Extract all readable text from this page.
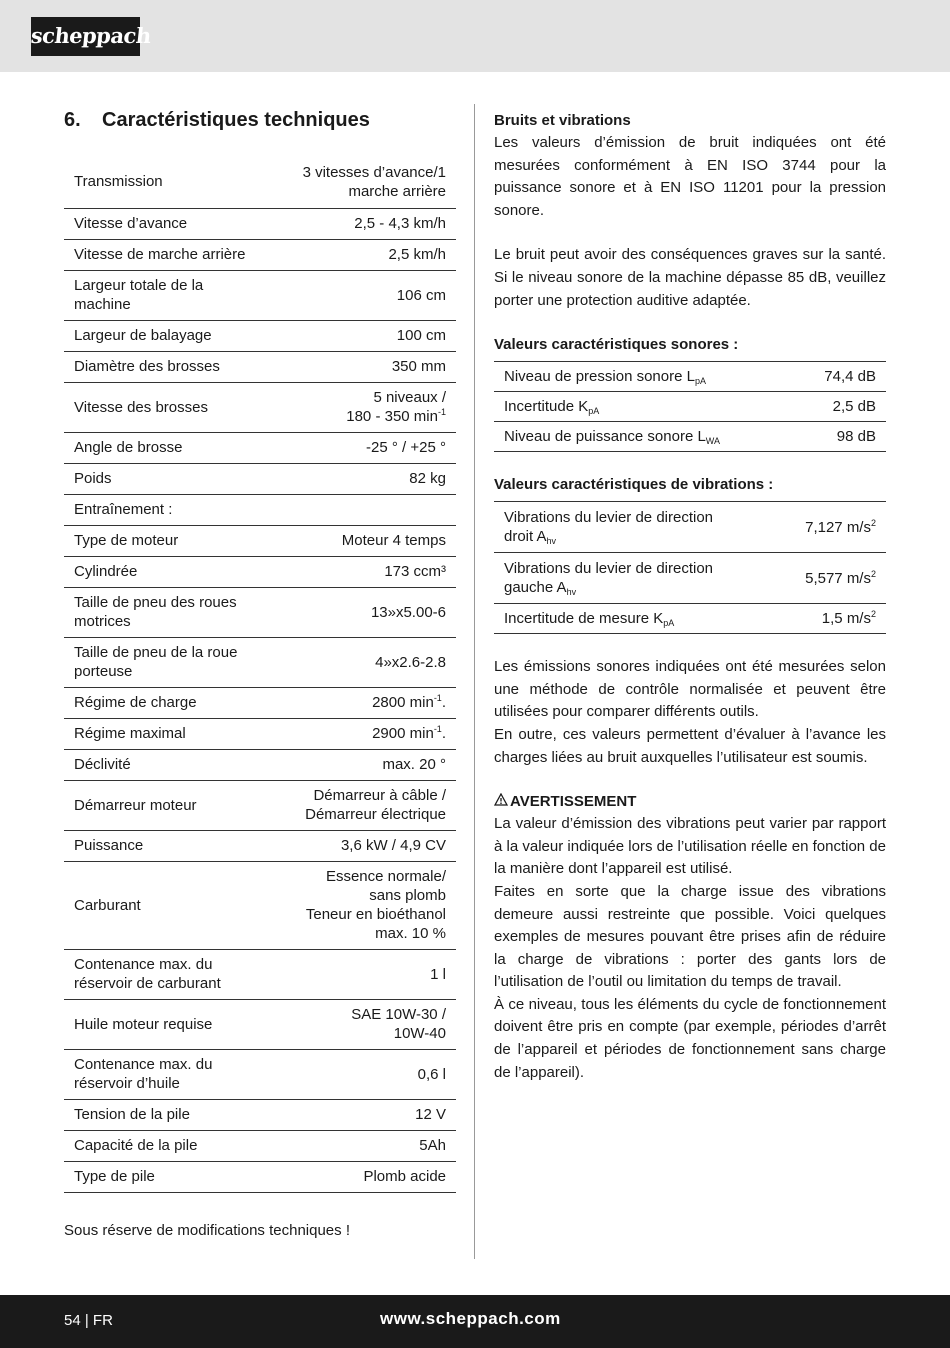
scheppach
6. Caractéristiques techniques
Transmission	3 vitesses d’avance/1
marche arrière
Vitesse d’avance	2,5 - 4,3 km/h
Vitesse de marche arrière	2,5 km/h
Largeur totale de la machine	106 cm
Largeur de balayage	100 cm
Diamètre des brosses	350 mm
Vitesse des brosses	5 niveaux /
180 - 350 $\min^{-1}$
Angle de brosse	-25 ° / +25 °
Poids	82 kg
Entraînement :	
Type de moteur	Moteur 4 temps
Cylindrée	173 ccm³
Taille de pneu des roues motrices	13»x5.00-6
Taille de pneu de la roue porteuse	4»x2.6-2.8
Régime de charge	2800 $\min^{-1}$.
Régime maximal	2900 $\min^{-1}$.
Déclivité	max. 20 °
Démarreur moteur	Démarreur à câble /
Démarreur électrique
Puissance	3,6 kW / 4,9 CV
Carburant	Essence normale/
sans plomb
Teneur en bioéthanol
max. 10 %
Contenance max. du réservoir de carburant	1 l
Huile moteur requise	SAE 10W-30 /
10W-40
Contenance max. du réservoir d’huile	0,6 l
Tension de la pile	12 V
Capacité de la pile	5Ah
Type de pile	Plomb acide
Sous réserve de modifications techniques !
Bruits et vibrations

Les valeurs d’émission de bruit indiquées ont été mesurées conformément à EN ISO 3744 pour la puissance sonore et à EN ISO 11201 pour la pression sonore.

Le bruit peut avoir des conséquences graves sur la santé. Si le niveau sonore de la machine dépasse 85 dB, veuillez porter une protection auditive adaptée.

Valeurs caractéristiques sonores :
Niveau de pression sonore $L_{pA}$	74,4 dB
Incertitude $K_{pA}$	2,5 dB
Niveau de puissance sonore $L_{WA}$	98 dB
Valeurs caractéristiques de vibrations :
Vibrations du levier de direction
droit $A_{hv}$	7,127 $m/s^2$
Vibrations du levier de direction
gauche $A_{hv}$	5,577 $m/s^2$
Incertitude de mesure $K_{pA}$	1,5 $m/s^2$

Les émissions sonores indiquées ont été mesurées selon une méthode de contrôle normalisée et peuvent être utilisées pour comparer différents outils.

En outre, ces valeurs permettent d’évaluer à l’avance les charges liées au bruit auxquelles l’utilisateur est soumis.

AVERTISSEMENT

La valeur d’émission des vibrations peut varier par rapport à la valeur indiquée lors de l’utilisation réelle en fonction de la manière dont l’appareil est utilisé.

Faites en sorte que la charge issue des vibrations demeure aussi restreinte que possible. Voici quelques exemples de mesures pouvant être prises afin de réduire la charge de vibrations : porter des gants lors de l’utilisation de l’outil ou limitation du temps de travail.

À ce niveau, tous les éléments du cycle de fonctionnement doivent être pris en compte (par exemple, périodes d’arrêt de l’appareil et périodes de fonctionnement sans charge de l’appareil).

54 | FR	www.scheppach.com
